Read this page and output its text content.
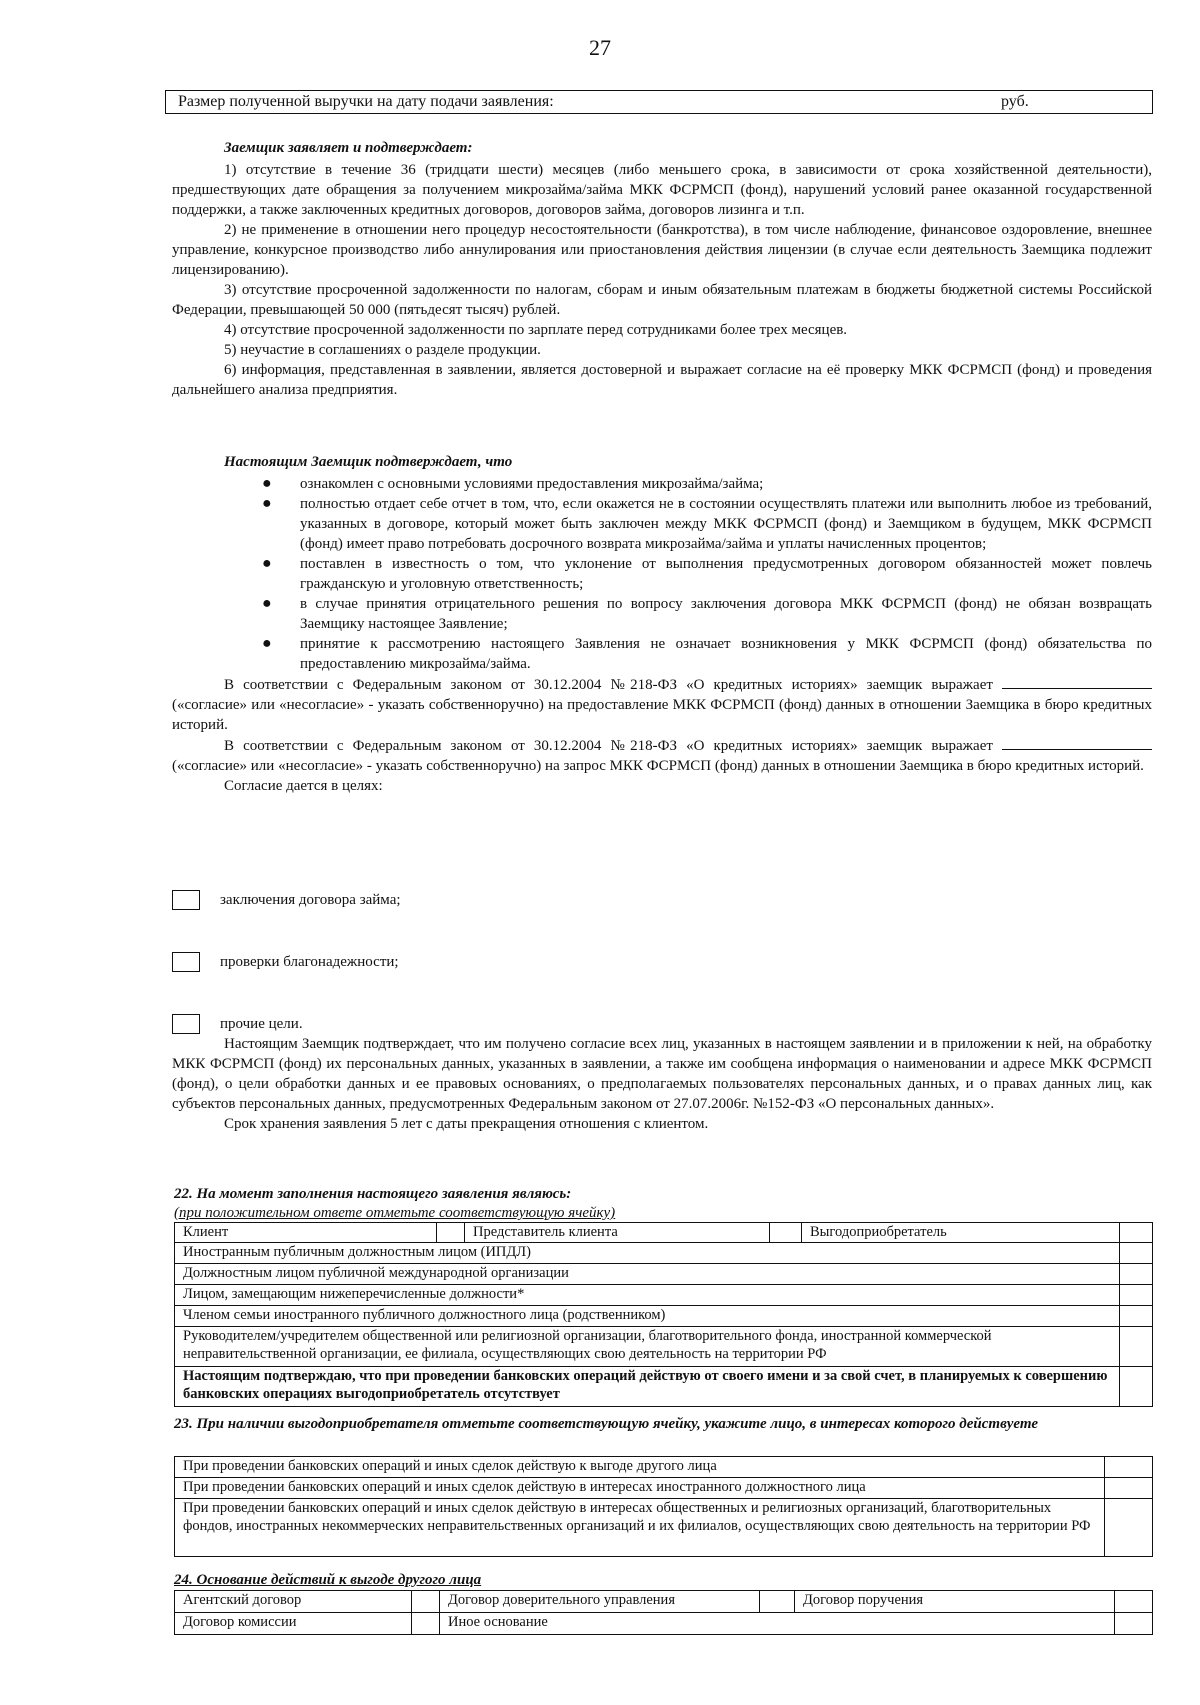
27
Размер полученной выручки на дату подачи заявления:	руб.

Заемщик заявляет и подтверждает:

1) отсутствие в течение 36 (тридцати шести) месяцев (либо меньшего срока, в зависимости от срока хозяйственной деятельности), предшествующих дате обращения за получением микрозайма/займа МКК ФСРМСП (фонд), нарушений условий ранее оказанной государственной поддержки, а также заключенных кредитных договоров, договоров займа, договоров лизинга и т.п.

2) не применение в отношении него процедур несостоятельности (банкротства), в том числе наблюдение, финансовое оздоровление, внешнее управление, конкурсное производство либо аннулирования или приостановления действия лицензии (в случае если деятельность Заемщика подлежит лицензированию).

3) отсутствие просроченной задолженности по налогам, сборам и иным обязательным платежам в бюджеты бюджетной системы Российской Федерации, превышающей 50 000 (пятьдесят тысяч) рублей.

4) отсутствие просроченной задолженности по зарплате перед сотрудниками более трех месяцев.

5) неучастие в соглашениях о разделе продукции.

6) информация, представленная в заявлении, является достоверной и выражает согласие на её проверку МКК ФСРМСП (фонд) и проведения дальнейшего анализа предприятия.

Настоящим Заемщик подтверждает, что

● ознакомлен с основными условиями предоставления микрозайма/займа;
● полностью отдает себе отчет в том, что, если окажется не в состоянии осуществлять платежи или выполнить любое из требований, указанных в договоре, который может быть заключен между МКК ФСРМСП (фонд) и Заемщиком в будущем, МКК ФСРМСП (фонд) имеет право потребовать досрочного возврата микрозайма/займа и уплаты начисленных процентов;
● поставлен в известность о том, что уклонение от выполнения предусмотренных договором обязанностей может повлечь гражданскую и уголовную ответственность;
● в случае принятия отрицательного решения по вопросу заключения договора МКК ФСРМСП (фонд) не обязан возвращать Заемщику настоящее Заявление;
● принятие к рассмотрению настоящего Заявления не означает возникновения у МКК ФСРМСП (фонд) обязательства по предоставлению микрозайма/займа.

В соответствии с Федеральным законом от 30.12.2004 №218-ФЗ «О кредитных историях» заемщик выражает  («согласие» или «несогласие» - указать собственноручно) на предоставление МКК ФСРМСП (фонд) данных в отношении Заемщика в бюро кредитных историй.

В соответствии с Федеральным законом от 30.12.2004 №218-ФЗ «О кредитных историях» заемщик выражает  («согласие» или «несогласие» - указать собственноручно) на запрос МКК ФСРМСП (фонд) данных в отношении Заемщика в бюро кредитных историй.

Согласие дается в целях:

заключения договора займа;
проверки благонадежности;
прочие цели.

Настоящим Заемщик подтверждает, что им получено согласие всех лиц, указанных в настоящем заявлении и в приложении к ней, на обработку МКК ФСРМСП (фонд) их персональных данных, указанных в заявлении, а также им сообщена информация о наименовании и адресе МКК ФСРМСП (фонд), о цели обработки данных и ее правовых основаниях, о предполагаемых пользователях персональных данных, и о правах данных лиц, как субъектов персональных данных, предусмотренных Федеральным законом от 27.07.2006г. №152-ФЗ «О персональных данных».

Срок хранения заявления 5 лет с даты прекращения отношения с клиентом.

22. На момент заполнения настоящего заявления являюсь:
(при положительном ответе отметьте соответствующую ячейку)
Клиент		Представитель клиента		Выгодоприобретатель	
Иностранным публичным должностным лицом (ИПДЛ)					
Должностным лицом публичной международной организации					
Лицом, замещающим нижеперечисленные должности*					
Членом семьи иностранного публичного должностного лица (родственником)					
Руководителем/учредителем общественной или религиозной организации, благотворительного фонда, иностранной коммерческой неправительственной организации, ее филиала, осуществляющих свою деятельность на территории РФ					
Настоящим подтверждаю, что при проведении банковских операций действую от своего имени и за свой счет, в планируемых к совершению банковских операциях выгодоприобретатель отсутствует					
23. При наличии выгодоприобретателя отметьте соответствующую ячейку, укажите лицо, в интересах которого действуете
При проведении банковских операций и иных сделок действую к выгоде другого лица	
При проведении банковских операций и иных сделок действую в интересах иностранного должностного лица	
При проведении банковских операций и иных сделок действую в интересах общественных и религиозных организаций, благотворительных фондов, иностранных некоммерческих неправительственных организаций и их филиалов, осуществляющих свою деятельность на территории РФ	
24. Основание действий к выгоде другого лица
Агентский договор		Договор доверительного управления		Договор поручения	
Договор комиссии		Иное основание			
